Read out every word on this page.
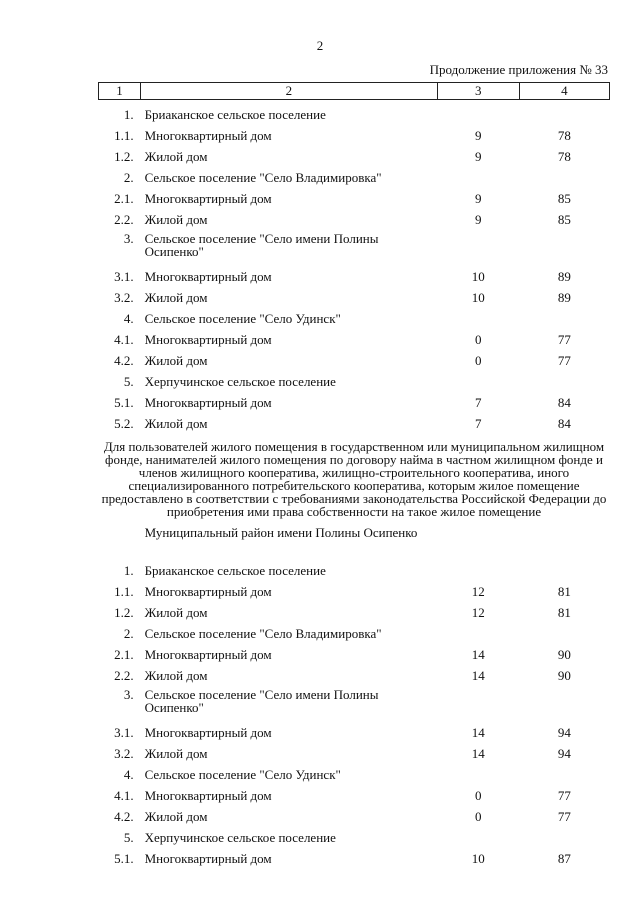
2
Продолжение приложения № 33
1	2	3	4

1.	Бриаканское сельское поселение		
1.1.	Многоквартирный дом	9	78
1.2.	Жилой дом	9	78
2.	Сельское поселение "Село Владимировка"		
2.1.	Многоквартирный дом	9	85
2.2.	Жилой дом	9	85
3.	Сельское поселение "Село имени Полины Осипенко"		
3.1.	Многоквартирный дом	10	89
3.2.	Жилой дом	10	89
4.	Сельское поселение "Село Удинск"		
4.1.	Многоквартирный дом	0	77
4.2.	Жилой дом	0	77
5.	Херпучинское сельское поселение		
5.1.	Многоквартирный дом	7	84
5.2.	Жилой дом	7	84
Для пользователей жилого помещения в государственном или муниципальном жилищном фонде, нанимателей жилого помещения по договору найма в частном жилищном фонде и членов жилищного кооператива, жилищно-строительного кооператива, иного специализированного потребительского кооператива, которым жилое помещение предоставлено в соответствии с требованиями законодательства Российской Федерации до приобретения ими права собственности на такое жилое помещение			
	Муниципальный район имени Полины Осипенко		
1.	Бриаканское сельское поселение		
1.1.	Многоквартирный дом	12	81
1.2.	Жилой дом	12	81
2.	Сельское поселение "Село Владимировка"		
2.1.	Многоквартирный дом	14	90
2.2.	Жилой дом	14	90
3.	Сельское поселение "Село имени Полины Осипенко"		
3.1.	Многоквартирный дом	14	94
3.2.	Жилой дом	14	94
4.	Сельское поселение "Село Удинск"		
4.1.	Многоквартирный дом	0	77
4.2.	Жилой дом	0	77
5.	Херпучинское сельское поселение		
5.1.	Многоквартирный дом	10	87
